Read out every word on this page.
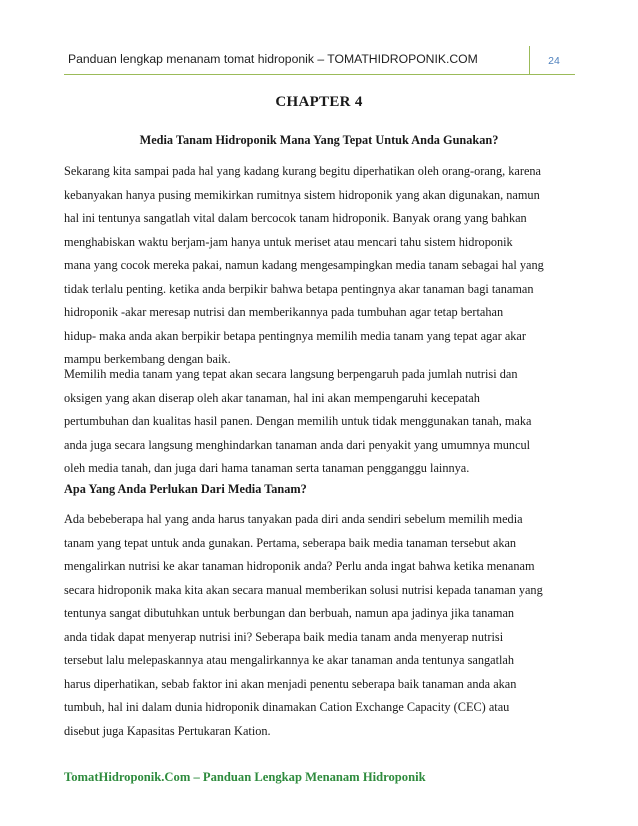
Panduan lengkap menanam tomat hidroponik – TOMATHIDROPONIK.COM	24
CHAPTER 4
Media Tanam Hidroponik Mana Yang Tepat Untuk Anda Gunakan?

Sekarang kita sampai pada hal yang kadang kurang begitu diperhatikan oleh orang-orang, karena
kebanyakan hanya pusing memikirkan rumitnya sistem hidroponik yang akan digunakan, namun
hal ini tentunya sangatlah vital dalam bercocok tanam hidroponik. Banyak orang yang bahkan
menghabiskan waktu berjam-jam hanya untuk meriset atau mencari tahu sistem hidroponik
mana yang cocok mereka pakai, namun kadang mengesampingkan media tanam sebagai hal yang
tidak terlalu penting. ketika anda berpikir bahwa betapa pentingnya akar tanaman bagi tanaman
hidroponik -akar meresap nutrisi dan memberikannya pada tumbuhan agar tetap bertahan
hidup- maka anda akan berpikir betapa pentingnya memilih media tanam yang tepat agar akar
mampu berkembang dengan baik.

Memilih media tanam yang tepat akan secara langsung berpengaruh pada jumlah nutrisi dan
oksigen yang akan diserap oleh akar tanaman, hal ini akan mempengaruhi kecepatah
pertumbuhan dan kualitas hasil panen. Dengan memilih untuk tidak menggunakan tanah, maka
anda juga secara langsung menghindarkan tanaman anda dari penyakit yang umumnya muncul
oleh media tanah, dan juga dari hama tanaman serta tanaman pengganggu lainnya.

Apa Yang Anda Perlukan Dari Media Tanam?

Ada bebeberapa hal yang anda harus tanyakan pada diri anda sendiri sebelum memilih media
tanam yang tepat untuk anda gunakan. Pertama, seberapa baik media tanaman tersebut akan
mengalirkan nutrisi ke akar tanaman hidroponik anda? Perlu anda ingat bahwa ketika menanam
secara hidroponik maka kita akan secara manual memberikan solusi nutrisi kepada tanaman yang
tentunya sangat dibutuhkan untuk berbungan dan berbuah, namun apa jadinya jika tanaman
anda tidak dapat menyerap nutrisi ini? Seberapa baik media tanam anda menyerap nutrisi
tersebut lalu melepaskannya atau mengalirkannya ke akar tanaman anda tentunya sangatlah
harus diperhatikan, sebab faktor ini akan menjadi penentu seberapa baik tanaman anda akan
tumbuh, hal ini dalam dunia hidroponik dinamakan Cation Exchange Capacity (CEC) atau
disebut juga Kapasitas Pertukaran Kation.

TomatHidroponik.Com – Panduan Lengkap Menanam Hidroponik
